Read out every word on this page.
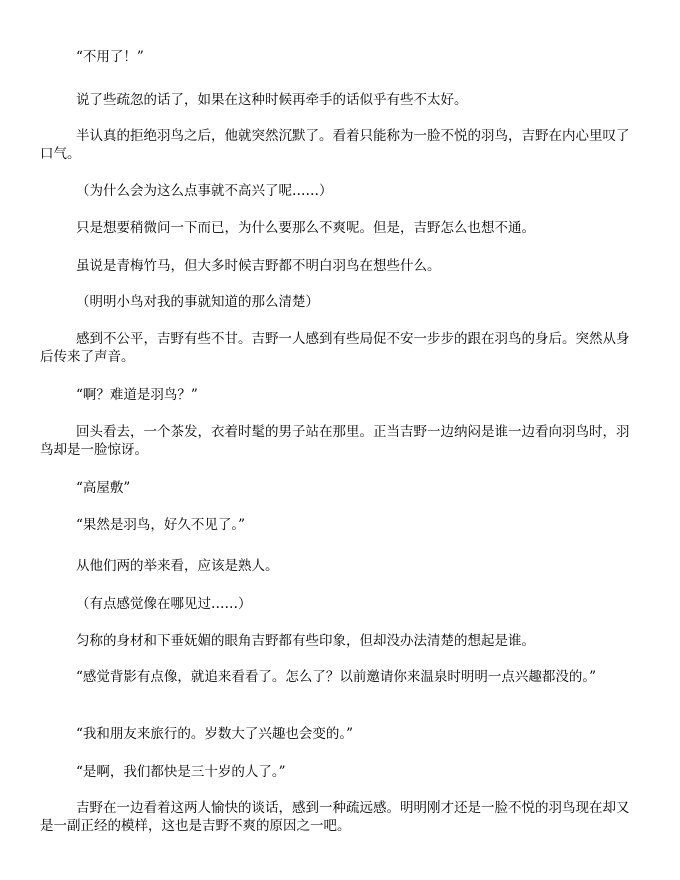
“不用了！”

说了些疏忽的话了，如果在这种时候再牵手的话似乎有些不太好。

半认真的拒绝羽鸟之后，他就突然沉默了。看着只能称为一脸不悦的羽鸟，吉野在内心里叹了口气。

（为什么会为这么点事就不高兴了呢……）

只是想要稍微问一下而已，为什么要那么不爽呢。但是，吉野怎么也想不通。

虽说是青梅竹马，但大多时候吉野都不明白羽鸟在想些什么。

（明明小鸟对我的事就知道的那么清楚）

感到不公平，吉野有些不甘。吉野一人感到有些局促不安一步步的跟在羽鸟的身后。突然从身后传来了声音。

“啊？难道是羽鸟？”

回头看去，一个茶发，衣着时髦的男子站在那里。正当吉野一边纳闷是谁一边看向羽鸟时，羽鸟却是一脸惊讶。

“高屋敷”

“果然是羽鸟，好久不见了。”

从他们两的举来看，应该是熟人。

（有点感觉像在哪见过……）

匀称的身材和下垂妩媚的眼角吉野都有些印象，但却没办法清楚的想起是谁。

“感觉背影有点像，就追来看看了。怎么了？以前邀请你来温泉时明明一点兴趣都没的。”

“我和朋友来旅行的。岁数大了兴趣也会变的。”

“是啊，我们都快是三十岁的人了。”

吉野在一边看着这两人愉快的谈话，感到一种疏远感。明明刚才还是一脸不悦的羽鸟现在却又是一副正经的模样，这也是吉野不爽的原因之一吧。
